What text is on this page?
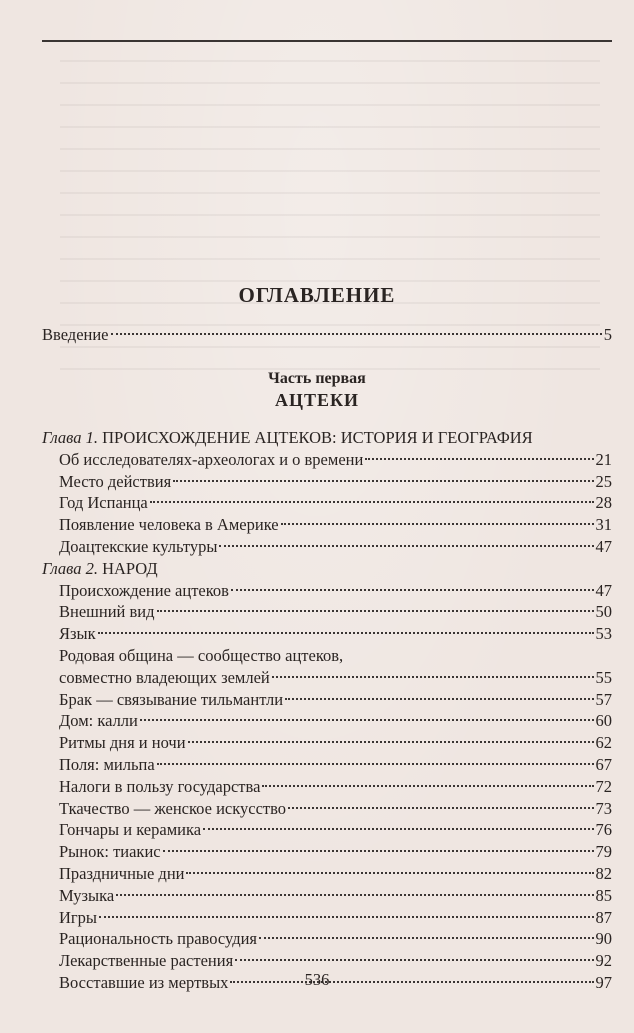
ОГЛАВЛЕНИЕ
Введение	5
Часть первая
АЦТЕКИ
Глава 1. ПРОИСХОЖДЕНИЕ АЦТЕКОВ: ИСТОРИЯ И ГЕОГРАФИЯ
Об исследователях-археологах и о времени	21
Место действия	25
Год Испанца	28
Появление человека в Америке	31
Доацтекские культуры	47
Глава 2. НАРОД
Происхождение ацтеков	47
Внешний вид	50
Язык	53
Родовая община — сообщество ацтеков,
совместно владеющих землей	55
Брак — связывание тильмантли	57
Дом: калли	60
Ритмы дня и ночи	62
Поля: мильпа	67
Налоги в пользу государства	72
Ткачество — женское искусство	73
Гончары и керамика	76
Рынок: тиакис	79
Праздничные дни	82
Музыка	85
Игры	87
Рациональность правосудия	90
Лекарственные растения	92
Восставшие из мертвых	97
536
